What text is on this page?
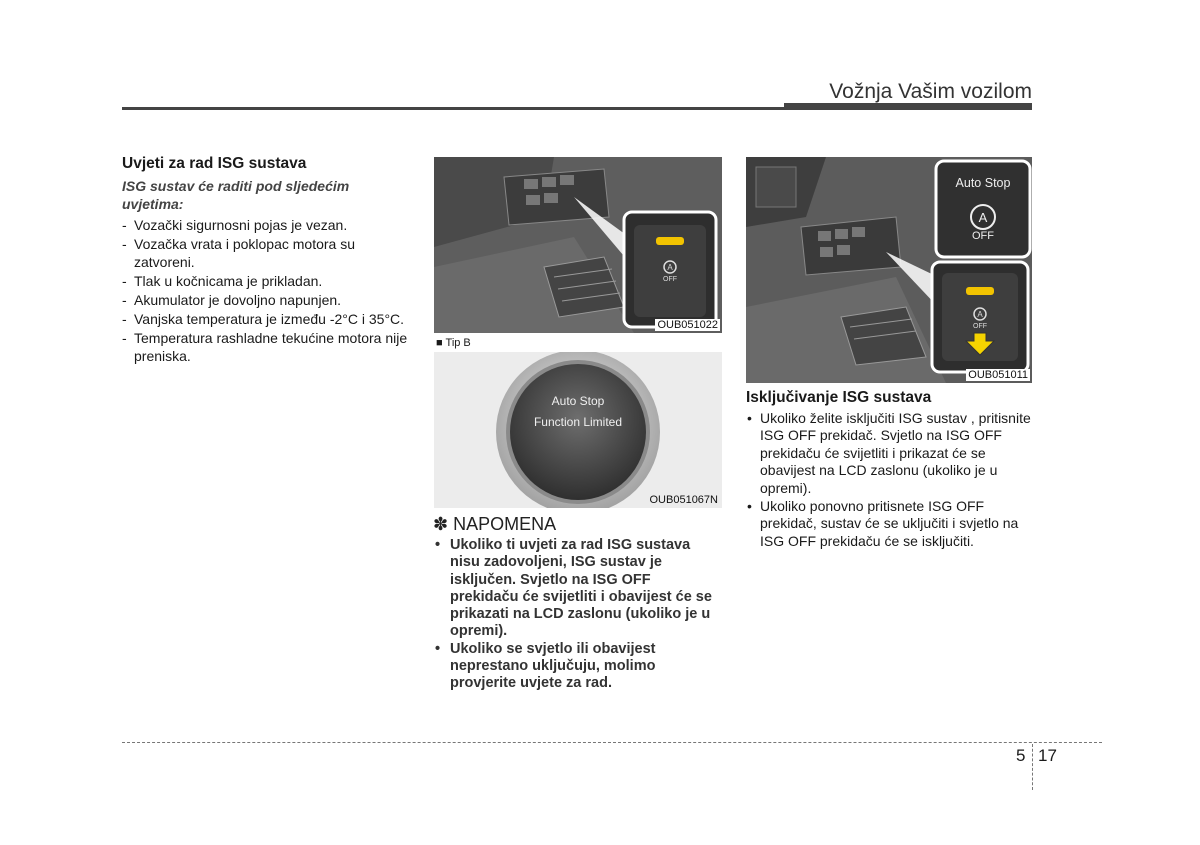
Vožnja Vašim vozilom
Uvjeti za rad ISG sustava
ISG sustav će raditi pod sljedećim uvjetima:
- Vozački sigurnosni pojas je vezan.
- Vozačka vrata i poklopac motora su zatvoreni.
- Tlak u kočnicama je prikladan.
- Akumulator je dovoljno napunjen.
- Vanjska temperatura je između -2°C i 35°C.
- Temperatura rashladne tekućine motora nije preniska.
A
OFF
OUB051022
■ Tip B
Auto Stop
Function Limited
OUB051067N
✽ NAPOMENA
• Ukoliko ti uvjeti za rad ISG sustava nisu zadovoljeni, ISG sustav je isključen. Svjetlo na ISG OFF prekidaču će svijetliti i obavijest će se prikazati na LCD zaslonu (ukoliko je u opremi).
• Ukoliko se svjetlo ili obavijest neprestano uključuju, molimo provjerite uvjete za rad.
A
A
Auto Stop
OFF
OFF
OUB051011
Isključivanje ISG sustava
• Ukoliko želite isključiti ISG sustav , pritisnite ISG OFF prekidač. Svjetlo na ISG OFF prekidaču će svijetliti i prikazat će se obavijest na LCD zaslonu (ukoliko je u opremi).
• Ukoliko ponovno pritisnete ISG OFF prekidač, sustav će se uključiti i svjetlo na ISG OFF prekidaču će se isključiti.
5 17
